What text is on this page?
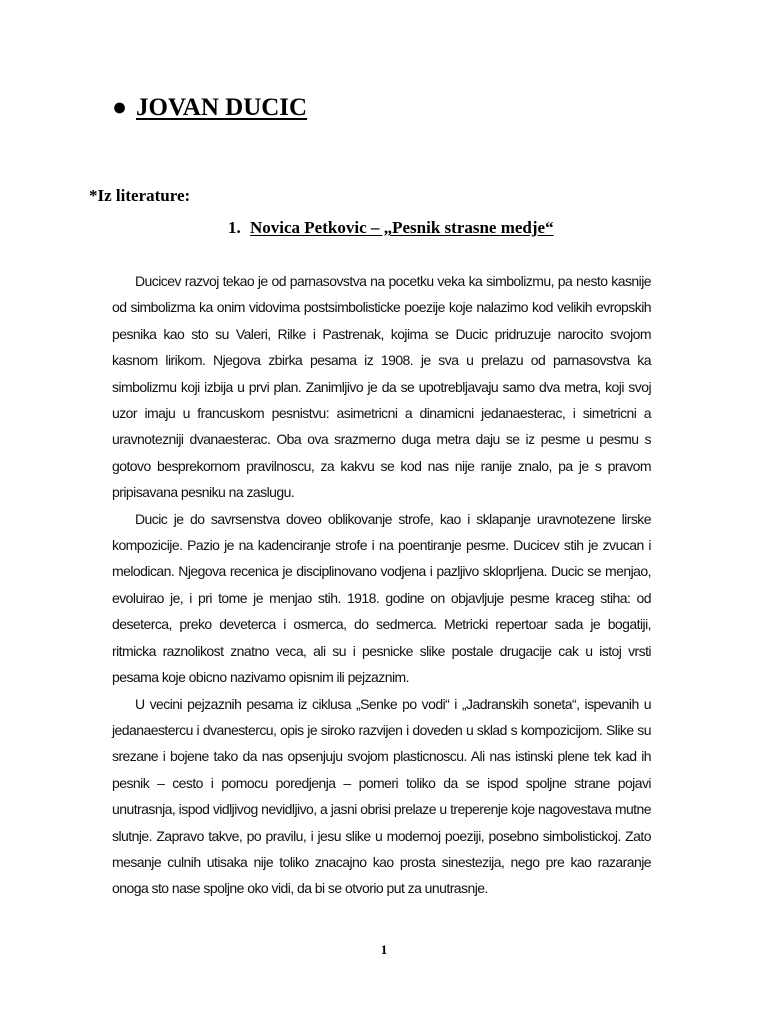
● JOVAN DUCIC
*Iz literature:
1. Novica Petkovic – „Pesnik strasne medje“

Ducicev razvoj tekao je od parnasovstva na pocetku veka ka simbolizmu, pa nesto kasnije od simbolizma ka onim vidovima postsimbolisticke poezije koje nalazimo kod velikih evropskih pesnika kao sto su Valeri, Rilke i Pastrenak, kojima se Ducic pridruzuje narocito svojom kasnom lirikom. Njegova zbirka pesama iz 1908. je sva u prelazu od parnasovstva ka simbolizmu koji izbija u prvi plan. Zanimljivo je da se upotrebljavaju samo dva metra, koji svoj uzor imaju u francuskom pesnistvu: asimetricni a dinamicni jedanaesterac, i simetricni a uravnotezniji dvanaesterac. Oba ova srazmerno duga metra daju se iz pesme u pesmu s gotovo besprekornom pravilnoscu, za kakvu se kod nas nije ranije znalo, pa je s pravom pripisavana pesniku na zaslugu.

Ducic je do savrsenstva doveo oblikovanje strofe, kao i sklapanje uravnotezene lirske kompozicije. Pazio je na kadenciranje strofe i na poentiranje pesme. Ducicev stih je zvucan i melodican. Njegova recenica je disciplinovano vodjena i pazljivo skloprljena. Ducic se menjao, evoluirao je, i pri tome je menjao stih. 1918. godine on objavljuje pesme kraceg stiha: od deseterca, preko deveterca i osmerca, do sedmerca. Metricki repertoar sada je bogatiji, ritmicka raznolikost znatno veca, ali su i pesnicke slike postale drugacije cak u istoj vrsti pesama koje obicno nazivamo opisnim ili pejzaznim.

U vecini pejzaznih pesama iz ciklusa „Senke po vodi“ i „Jadranskih soneta“, ispevanih u jedanaestercu i dvanestercu, opis je siroko razvijen i doveden u sklad s kompozicijom. Slike su srezane i bojene tako da nas opsenjuju svojom plasticnoscu. Ali nas istinski plene tek kad ih pesnik – cesto i pomocu poredjenja – pomeri toliko da se ispod spoljne strane pojavi unutrasnja, ispod vidljivog nevidljivo, a jasni obrisi prelaze u treperenje koje nagovestava mutne slutnje. Zapravo takve, po pravilu, i jesu slike u modernoj poeziji, posebno simbolistickoj. Zato mesanje culnih utisaka nije toliko znacajno kao prosta sinestezija, nego pre kao razaranje onoga sto nase spoljne oko vidi, da bi se otvorio put za unutrasnje.

1
